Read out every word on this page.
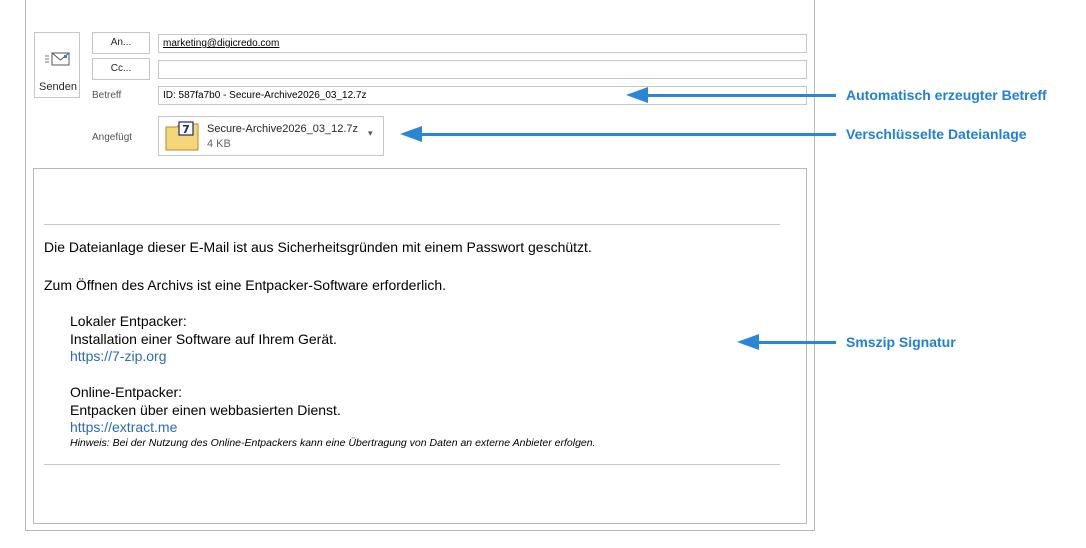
Senden
An...	marketing@digicredo.com
Cc...
Betreff	ID: 587fa7b0 - Secure-Archive2026_03_12.7z
Angefügt
7 Secure-Archive2026_03_12.7z
4 KB
▾
Die Dateianlage dieser E-Mail ist aus Sicherheitsgründen mit einem Passwort geschützt.
Zum Öffnen des Archivs ist eine Entpacker-Software erforderlich.
Lokaler Entpacker:
Installation einer Software auf Ihrem Gerät.
https://7-zip.org
Online-Entpacker:
Entpacken über einen webbasierten Dienst.
https://extract.me
Hinweis: Bei der Nutzung des Online-Entpackers kann eine Übertragung von Daten an externe Anbieter erfolgen.
Automatisch erzeugter Betreff
Verschlüsselte Dateianlage
Smszip Signatur
